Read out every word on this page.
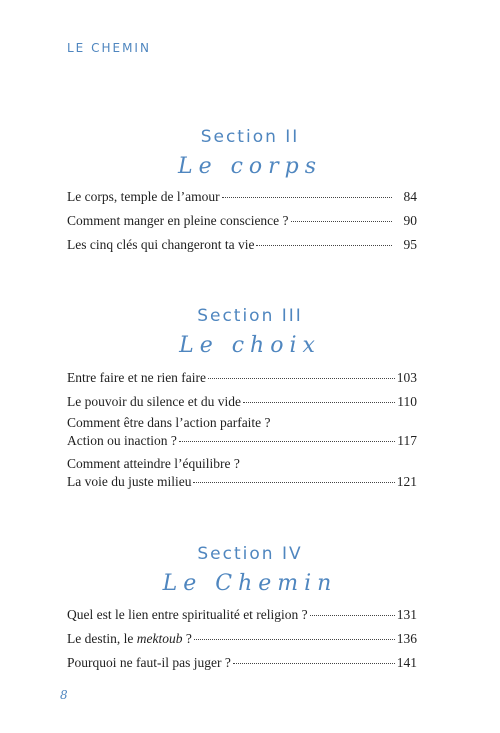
LE CHEMIN
Section II
Le corps
Le corps, temple de l’amour	84
Comment manger en pleine conscience ?	90
Les cinq clés qui changeront ta vie	95
Section III
Le choix
Entre faire et ne rien faire	103
Le pouvoir du silence et du vide	110
Comment être dans l’action parfaite ?
Action ou inaction ?	117
Comment atteindre l’équilibre ?
La voie du juste milieu	121
Section IV
Le Chemin
Quel est le lien entre spiritualité et religion ?	131
Le destin, le mektoub ?	136
Pourquoi ne faut-il pas juger ?	141
8
